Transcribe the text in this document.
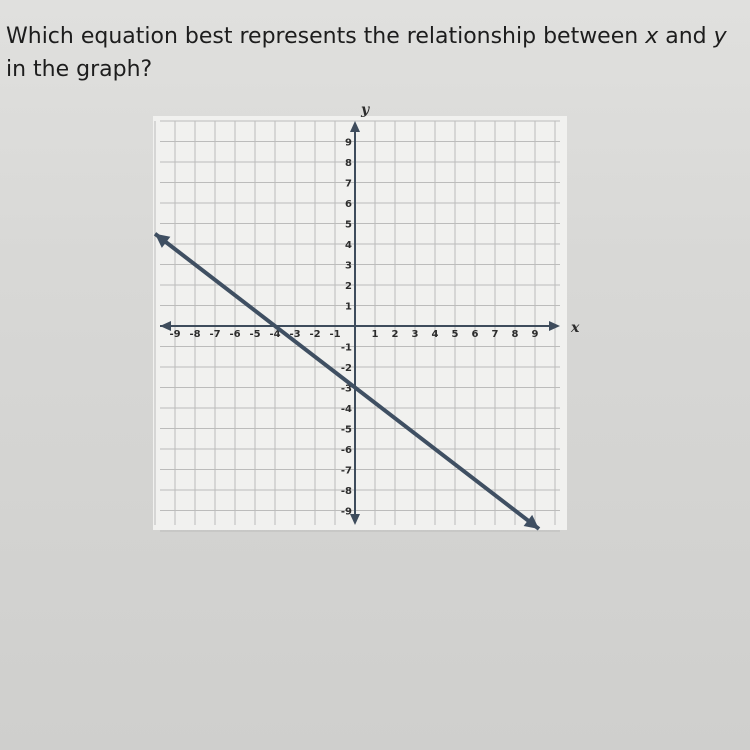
Which equation best represents the relationship between x and y in the graph?

x
y
-9 -8 -7 -6 -5 -4 -3 -2 -1	1 2 3 4 5 6 7 8 9
9
8
7
6
5
4
3
2
1
-1
-2
-3
-4
-5
-6
-7
-8
-9
